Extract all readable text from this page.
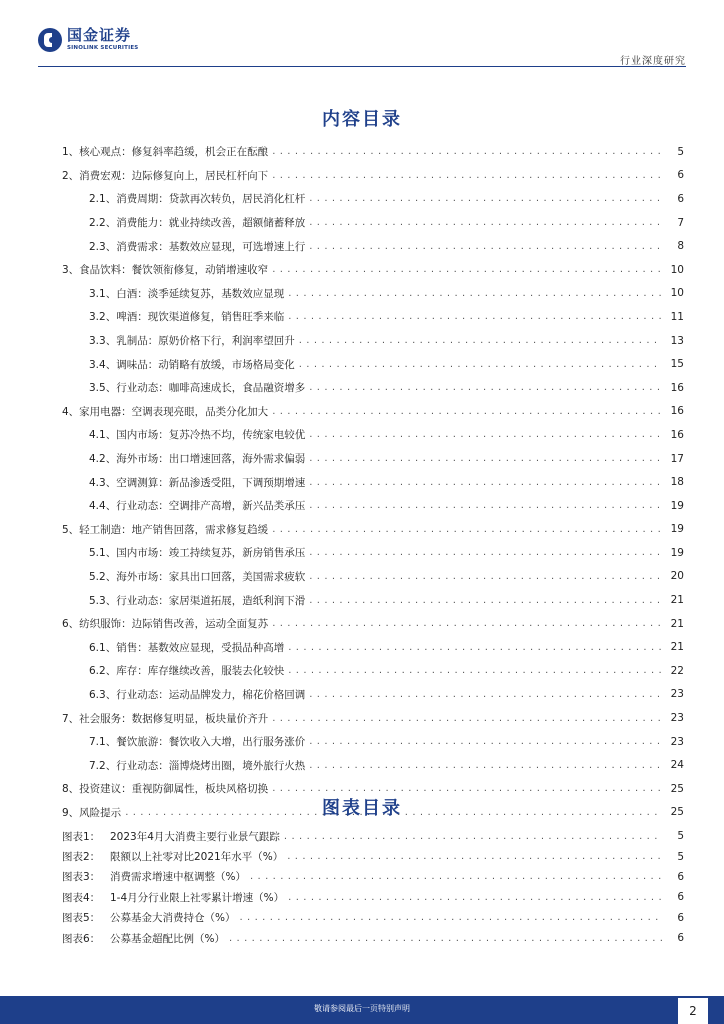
国金证券
SINOLINK SECURITIES
行业深度研究
内容目录
1、核心观点：修复斜率趋缓，机会正在酝酿 . . .	5
2、消费宏观：边际修复向上，居民杠杆向下 . . .	6
2.1、消费周期：贷款再次转负，居民消化杠杆 . . .	6
2.2、消费能力：就业持续改善，超额储蓄释放 . . .	7
2.3、消费需求：基数效应显现，可选增速上行 . . .	8
3、食品饮料：餐饮领衔修复，动销增速收窄 . . .	10
3.1、白酒：淡季延续复苏，基数效应显现 . . .	10
3.2、啤酒：现饮渠道修复，销售旺季来临 . . .	11
3.3、乳制品：原奶价格下行，利润率望回升 . . .	13
3.4、调味品：动销略有放缓，市场格局变化 . . .	15
3.5、行业动态：咖啡高速成长，食品融资增多 . . .	16
4、家用电器：空调表现亮眼，品类分化加大 . . .	16
4.1、国内市场：复苏冷热不均，传统家电较优 . . .	16
4.2、海外市场：出口增速回落，海外需求偏弱 . . .	17
4.3、空调测算：新品渗透受阻，下调预期增速 . . .	18
4.4、行业动态：空调排产高增，新兴品类承压 . . .	19
5、轻工制造：地产销售回落，需求修复趋缓 . . .	19
5.1、国内市场：竣工持续复苏，新房销售承压 . . .	19
5.2、海外市场：家具出口回落，美国需求疲软 . . .	20
5.3、行业动态：家居渠道拓展，造纸利润下滑 . . .	21
6、纺织服饰：边际销售改善，运动全面复苏 . . .	21
6.1、销售：基数效应显现，受损品种高增 . . .	21
6.2、库存：库存继续改善，服装去化较快 . . .	22
6.3、行业动态：运动品牌发力，棉花价格回调 . . .	23
7、社会服务：数据修复明显，板块量价齐升 . . .	23
7.1、餐饮旅游：餐饮收入大增，出行服务涨价 . . .	23
7.2、行业动态：淄博烧烤出圈，境外旅行火热 . . .	24
8、投资建议：重视防御属性，板块风格切换 . . .	25
9、风险提示 . . .	25
图表目录
图表1： 2023年4月大消费主要行业景气跟踪 . . .	5
图表2： 限额以上社零对比2021年水平（%） . . .	5
图表3： 消费需求增速中枢调整（%） . . .	6
图表4： 1-4月分行业限上社零累计增速（%） . . .	6
图表5： 公募基金大消费持仓（%） . . .	6
图表6： 公募基金超配比例（%） . . .	6
敬请参阅最后一页特别声明	2
